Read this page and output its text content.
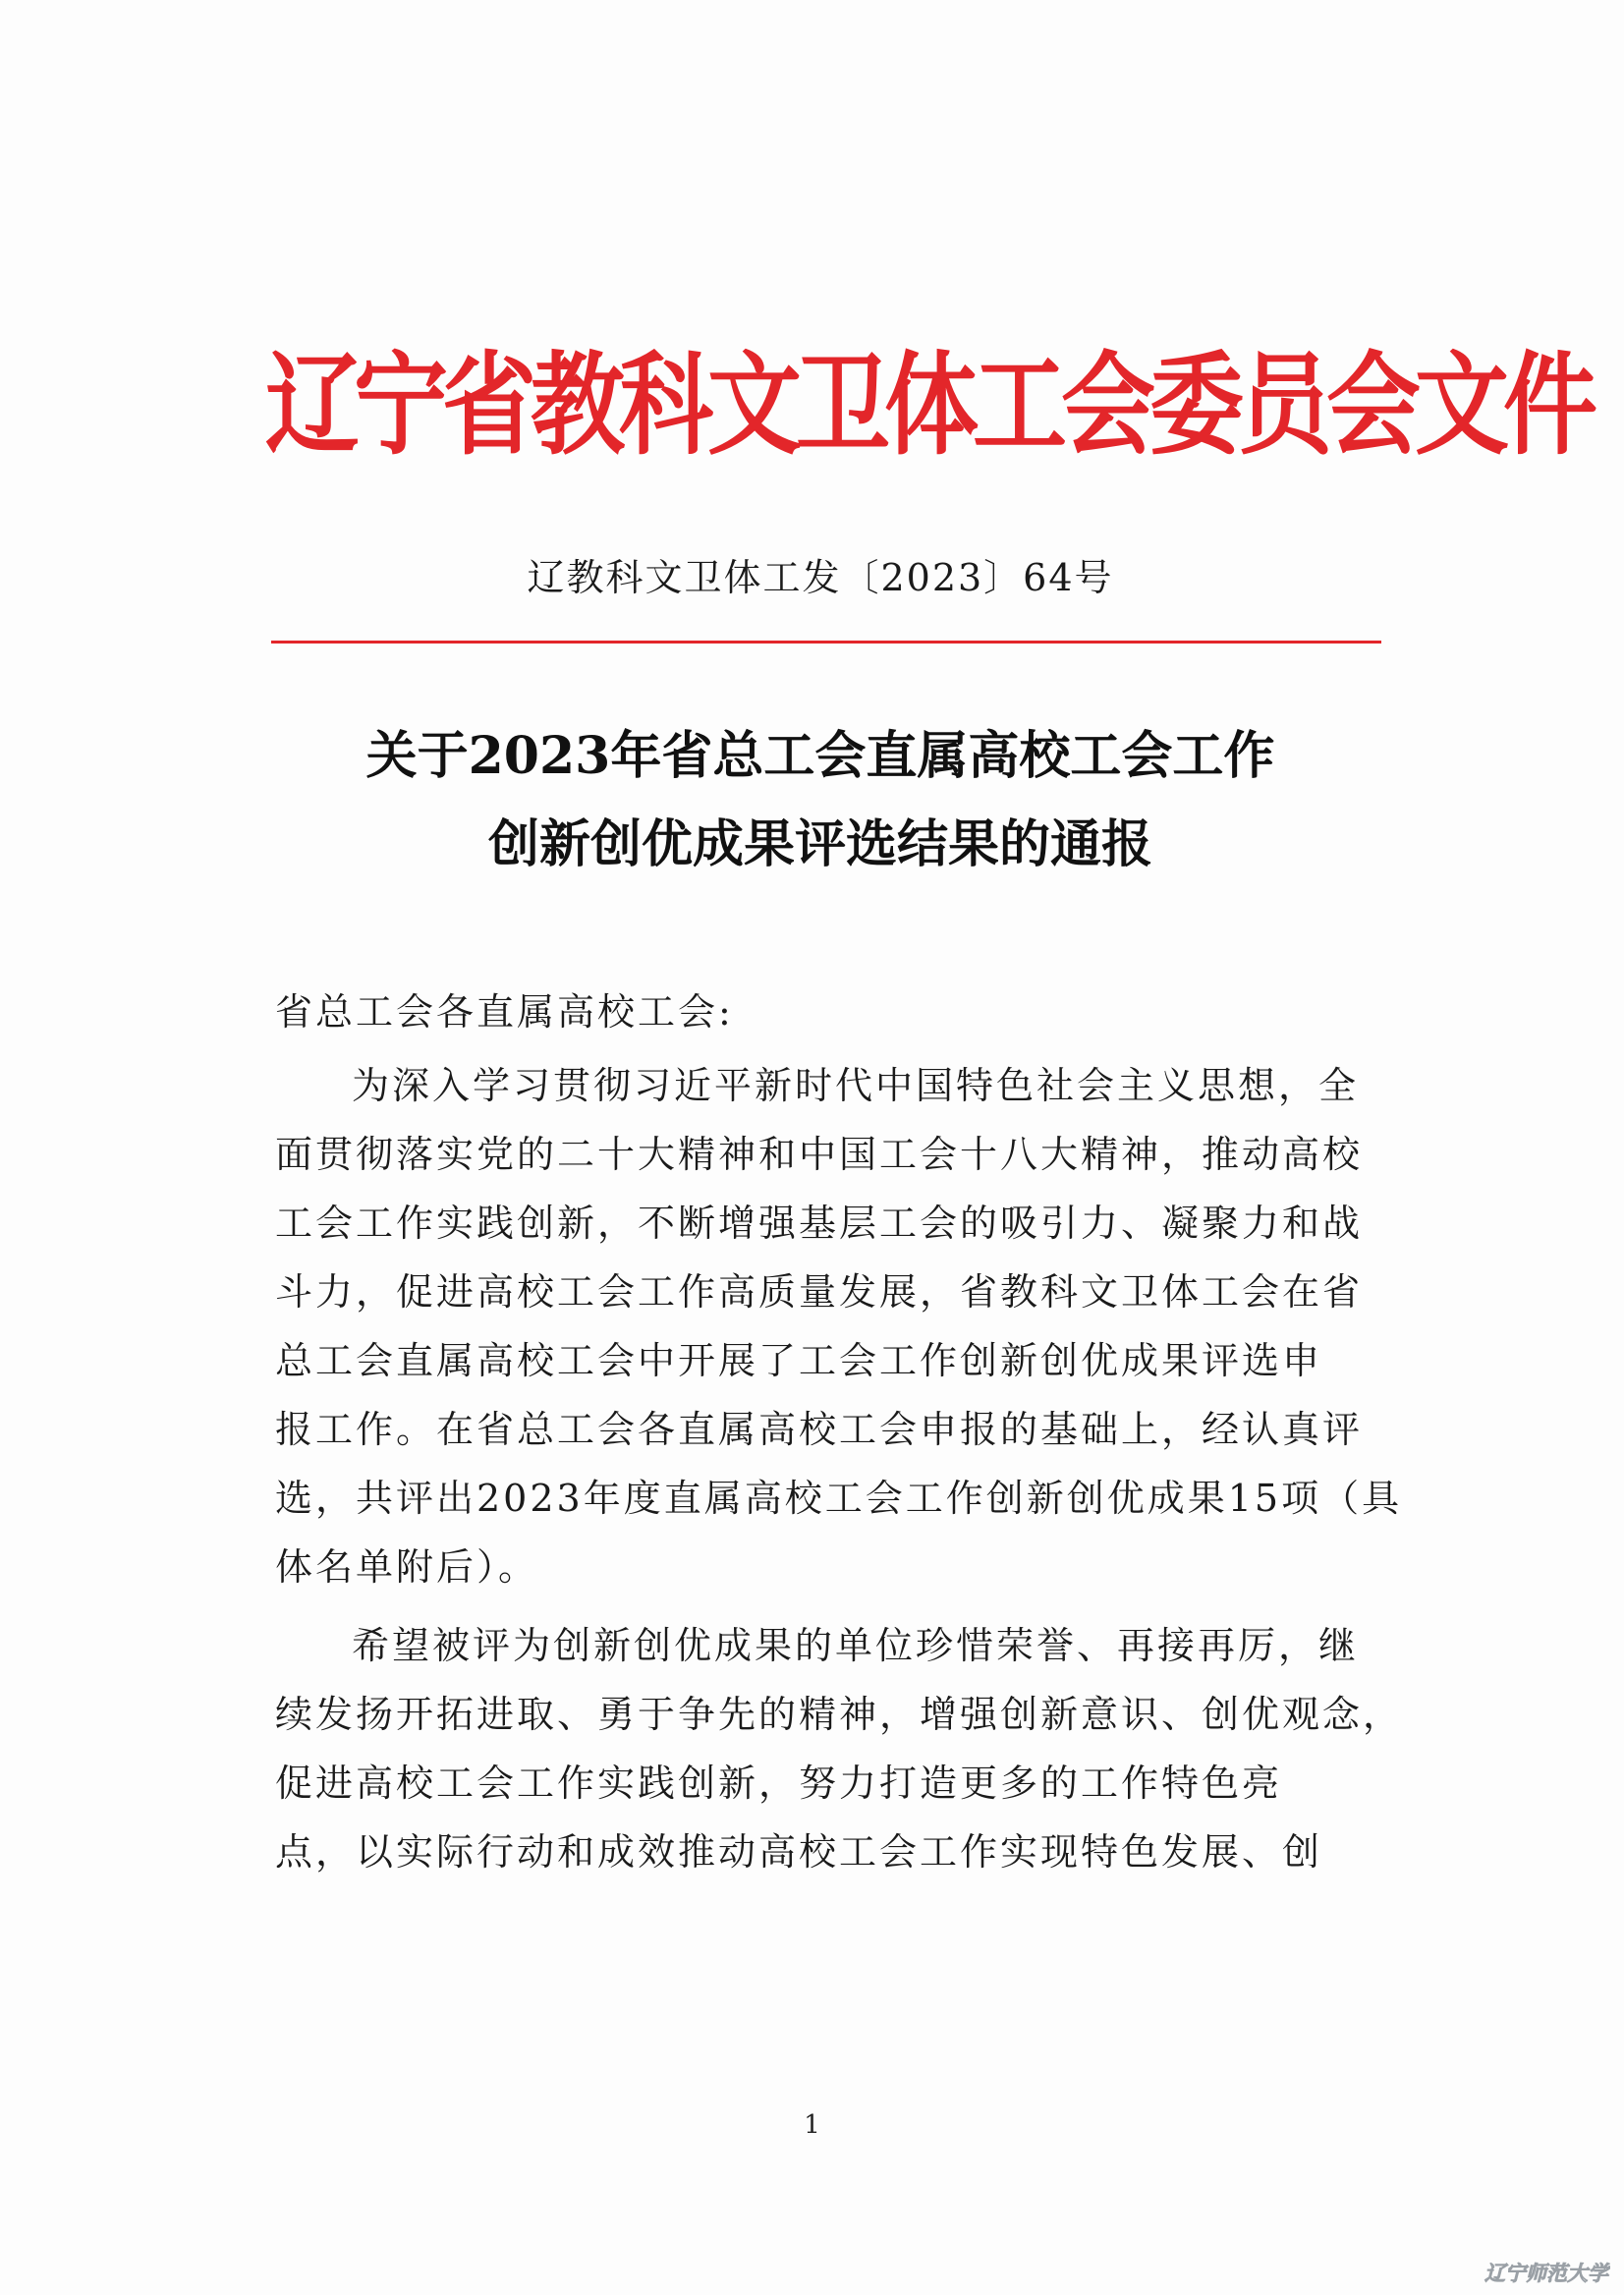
辽宁省教科文卫体工会委员会文件
辽教科文卫体工发〔2023〕64号
关于2023年省总工会直属高校工会工作
创新创优成果评选结果的通报
省总工会各直属高校工会:
为深入学习贯彻习近平新时代中国特色社会主义思想，全
面贯彻落实党的二十大精神和中国工会十八大精神，推动高校
工会工作实践创新，不断增强基层工会的吸引力、凝聚力和战
斗力，促进高校工会工作高质量发展，省教科文卫体工会在省
总工会直属高校工会中开展了工会工作创新创优成果评选申
报工作。在省总工会各直属高校工会申报的基础上，经认真评
选，共评出2023年度直属高校工会工作创新创优成果15项（具
体名单附后）。
希望被评为创新创优成果的单位珍惜荣誉、再接再厉，继
续发扬开拓进取、勇于争先的精神，增强创新意识、创优观念，
促进高校工会工作实践创新，努力打造更多的工作特色亮
点，以实际行动和成效推动高校工会工作实现特色发展、创
1
辽宁师范大学
